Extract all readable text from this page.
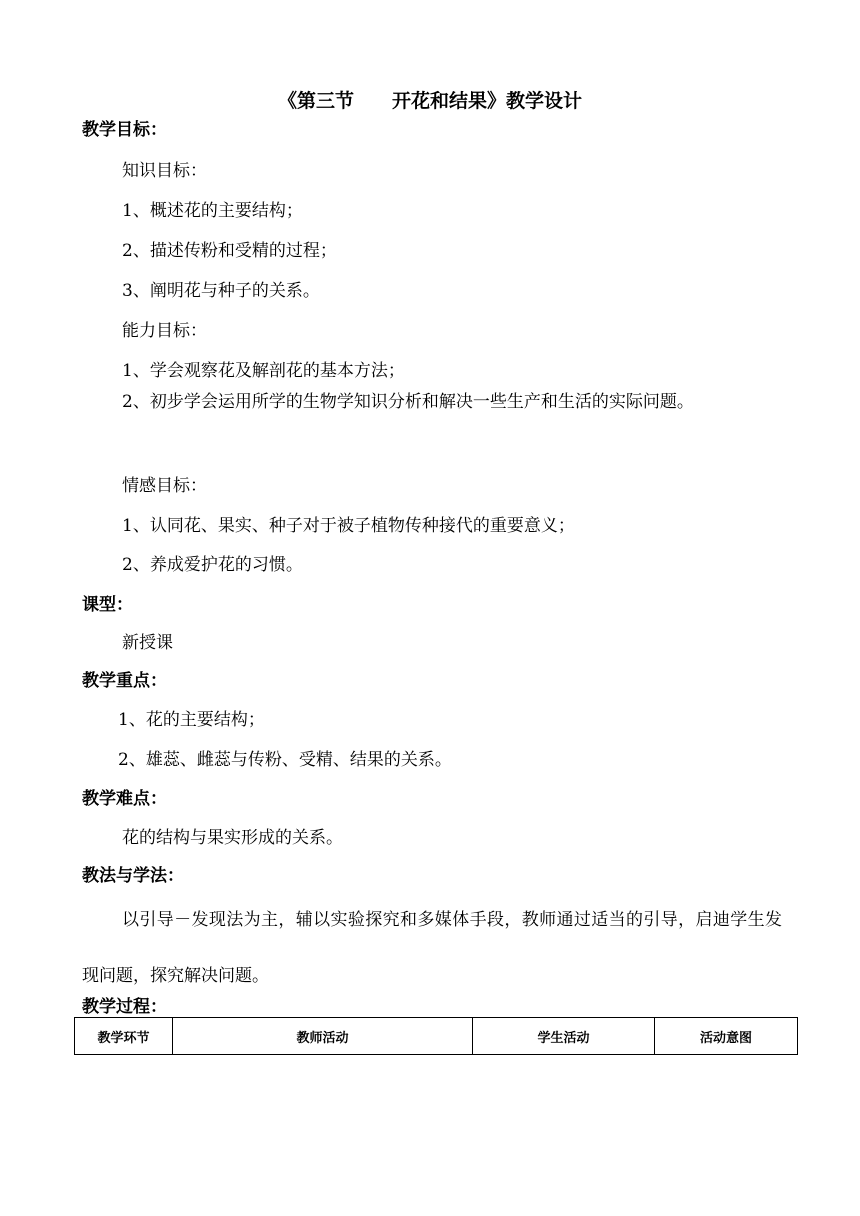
《第三节　　开花和结果》教学设计
教学目标：
知识目标：
1、概述花的主要结构；
2、描述传粉和受精的过程；
3、阐明花与种子的关系。
能力目标：
1、学会观察花及解剖花的基本方法；
2、初步学会运用所学的生物学知识分析和解决一些生产和生活的实际问题。
情感目标：
1、认同花、果实、种子对于被子植物传种接代的重要意义；
2、养成爱护花的习惯。
课型：
新授课
教学重点：
1、花的主要结构；
2、雄蕊、雌蕊与传粉、受精、结果的关系。
教学难点：
花的结构与果实形成的关系。
教法与学法：
以引导－发现法为主，辅以实验探究和多媒体手段，教师通过适当的引导，启迪学生发现问题，探究解决问题。
教学过程：
教学环节	教师活动	学生活动	活动意图
